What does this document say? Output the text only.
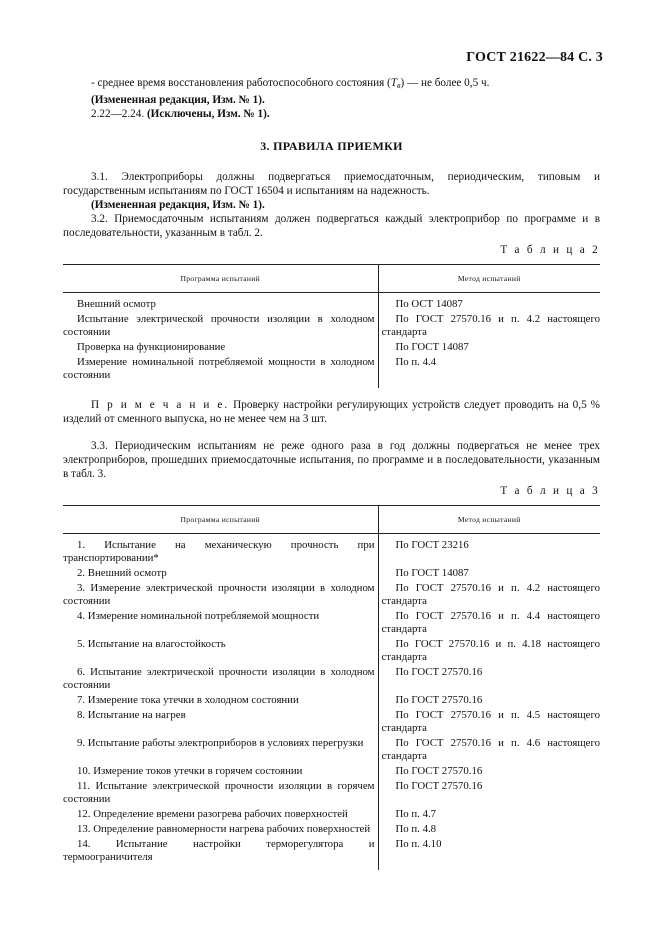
ГОСТ 21622—84 С. 3

- среднее время восстановления работоспособного состояния $(T_в)$ — не более 0,5 ч.

(Измененная редакция, Изм. № 1).

2.22—2.24. (Исключены, Изм. № 1).

3. ПРАВИЛА ПРИЕМКИ

3.1. Электроприборы должны подвергаться приемосдаточным, периодическим, типовым и государственным испытаниям по ГОСТ 16504 и испытаниям на надежность.

(Измененная редакция, Изм. № 1).

3.2. Приемосдаточным испытаниям должен подвергаться каждый электроприбор по программе и в последовательности, указанным в табл. 2.

Т а б л и ц а 2
Программа испытаний	Метод испытаний
Внешний осмотр	По ОСТ 14087
Испытание электрической прочности изоляции в холодном состоянии	По ГОСТ 27570.16 и п. 4.2 настоящего стандарта
Проверка на функционирование	По ГОСТ 14087
Измерение номинальной потребляемой мощности в холодном состоянии	По п. 4.4

П р и м е ч а н и е. Проверку настройки регулирующих устройств следует проводить на 0,5 % изделий от сменного выпуска, но не менее чем на 3 шт.

3.3. Периодическим испытаниям не реже одного раза в год должны подвергаться не менее трех электроприборов, прошедших приемосдаточные испытания, по программе и в последовательности, указанным в табл. 3.

Т а б л и ц а 3
Программа испытаний	Метод испытаний
1. Испытание на механическую прочность при транспортировании*	По ГОСТ 23216
2. Внешний осмотр	По ГОСТ 14087
3. Измерение электрической прочности изоляции в холодном состоянии	По ГОСТ 27570.16 и п. 4.2 настоящего стандарта
4. Измерение номинальной потребляемой мощности	По ГОСТ 27570.16 и п. 4.4 настоящего стандарта
5. Испытание на влагостойкость	По ГОСТ 27570.16 и п. 4.18 настоящего стандарта
6. Испытание электрической прочности изоляции в холодном состоянии	По ГОСТ 27570.16
7. Измерение тока утечки в холодном состоянии	По ГОСТ 27570.16
8. Испытание на нагрев	По ГОСТ 27570.16 и п. 4.5 настоящего стандарта
9. Испытание работы электроприборов в условиях перегрузки	По ГОСТ 27570.16 и п. 4.6 настоящего стандарта
10. Измерение токов утечки в горячем состоянии	По ГОСТ 27570.16
11. Испытание электрической прочности изоляции в горячем состоянии	По ГОСТ 27570.16
12. Определение времени разогрева рабочих поверхностей	По п. 4.7
13. Определение равномерности нагрева рабочих поверхностей	По п. 4.8
14. Испытание настройки терморегулятора и термоограничителя	По п. 4.10
